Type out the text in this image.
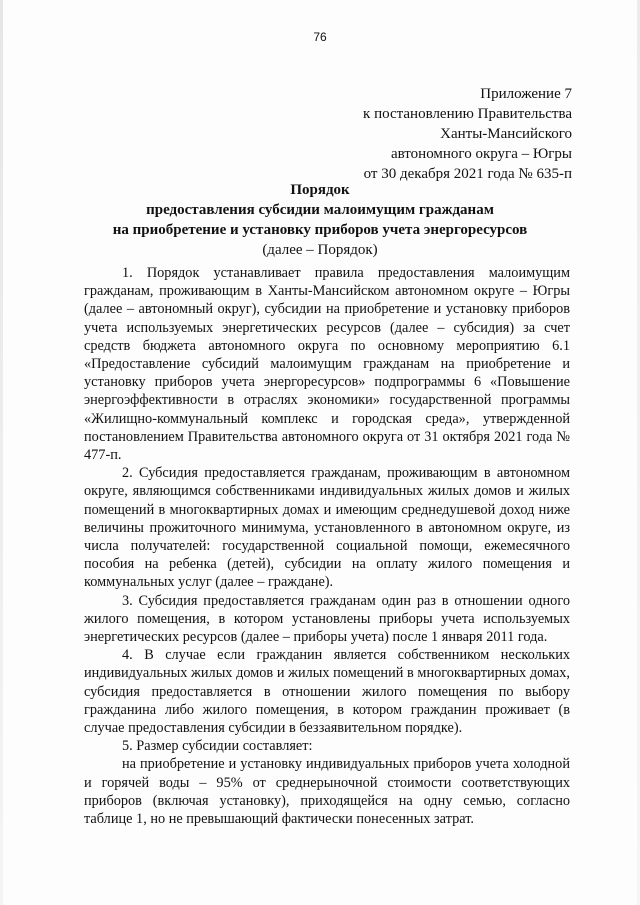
76
Приложение 7
к постановлению Правительства
Ханты-Мансийского
автономного округа – Югры
от 30 декабря 2021 года № 635-п
Порядок
предоставления субсидии малоимущим гражданам
на приобретение и установку приборов учета энергоресурсов
(далее – Порядок)

1. Порядок устанавливает правила предоставления малоимущим гражданам, проживающим в Ханты-Мансийском автономном округе – Югры (далее – автономный округ), субсидии на приобретение и установку приборов учета используемых энергетических ресурсов (далее – субсидия) за счет средств бюджета автономного округа по основному мероприятию 6.1 «Предоставление субсидий малоимущим гражданам на приобретение и установку приборов учета энергоресурсов» подпрограммы 6 «Повышение энергоэффективности в отраслях экономики» государственной программы «Жилищно-коммунальный комплекс и городская среда», утвержденной постановлением Правительства автономного округа от 31 октября 2021 года № 477-п.

2. Субсидия предоставляется гражданам, проживающим в автономном округе, являющимся собственниками индивидуальных жилых домов и жилых помещений в многоквартирных домах и имеющим среднедушевой доход ниже величины прожиточного минимума, установленного в автономном округе, из числа получателей: государственной социальной помощи, ежемесячного пособия на ребенка (детей), субсидии на оплату жилого помещения и коммунальных услуг (далее – граждане).

3. Субсидия предоставляется гражданам один раз в отношении одного жилого помещения, в котором установлены приборы учета используемых энергетических ресурсов (далее – приборы учета) после 1 января 2011 года.

4. В случае если гражданин является собственником нескольких индивидуальных жилых домов и жилых помещений в многоквартирных домах, субсидия предоставляется в отношении жилого помещения по выбору гражданина либо жилого помещения, в котором гражданин проживает (в случае предоставления субсидии в беззаявительном порядке).

5. Размер субсидии составляет:

на приобретение и установку индивидуальных приборов учета холодной и горячей воды – 95% от среднерыночной стоимости соответствующих приборов (включая установку), приходящейся на одну семью, согласно таблице 1, но не превышающий фактически понесенных затрат.
